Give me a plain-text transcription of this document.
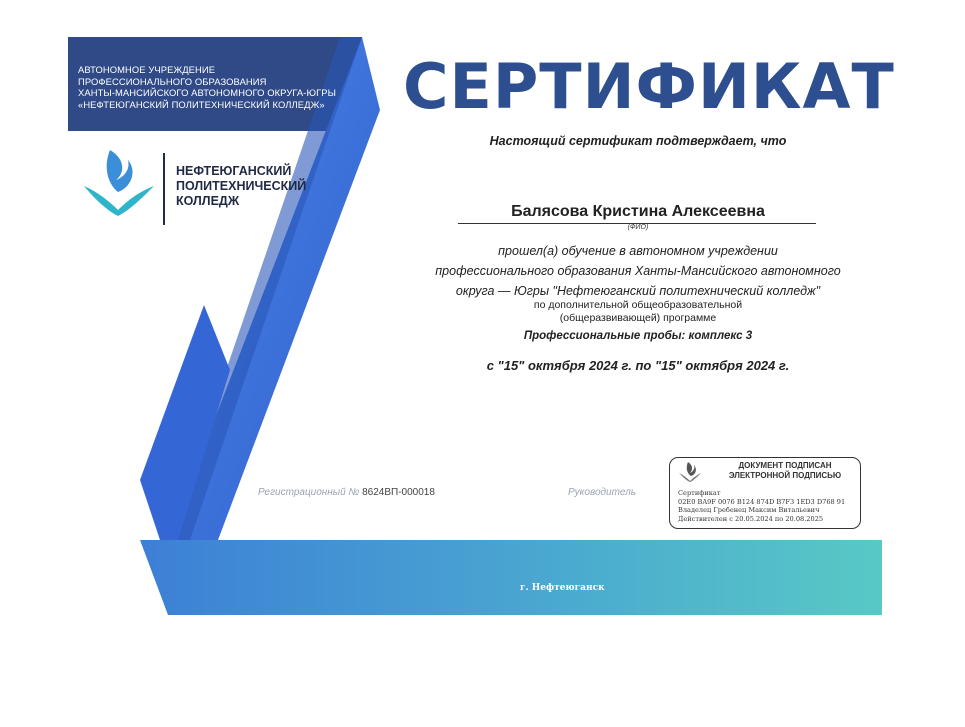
АВТОНОМНОЕ УЧРЕЖДЕНИЕ
ПРОФЕССИОНАЛЬНОГО ОБРАЗОВАНИЯ
ХАНТЫ-МАНСИЙСКОГО АВТОНОМНОГО ОКРУГА-ЮГРЫ
«НЕФТЕЮГАНСКИЙ ПОЛИТЕХНИЧЕСКИЙ КОЛЛЕДЖ»
НЕФТЕЮГАНСКИЙ
ПОЛИТЕХНИЧЕСКИЙ
КОЛЛЕДЖ
СЕРТИФИКАТ
Настоящий сертификат подтверждает, что
Балясова Кристина Алексеевна
(ФИО)
прошел(а) обучение в автономном учреждении
профессионального образования Ханты-Мансийского автономного
округа — Югры "Нефтеюганский политехнический колледж"
по дополнительной общеобразовательной
(общеразвивающей) программе
Профессиональные пробы: комплекс 3
с "15" октября 2024 г. по "15" октября 2024 г.
Регистрационный № 8624ВП-000018	Руководитель
ДОКУМЕНТ ПОДПИСАН
ЭЛЕКТРОННОЙ ПОДПИСЬЮ
Сертификат
02E0 BA9F 0076 B124 874D B7F3 1ED3 D768 91
Владелец Гребенец Максим Витальевич
Действителен с 20.05.2024 по 20.08.2025
г. Нефтеюганск
